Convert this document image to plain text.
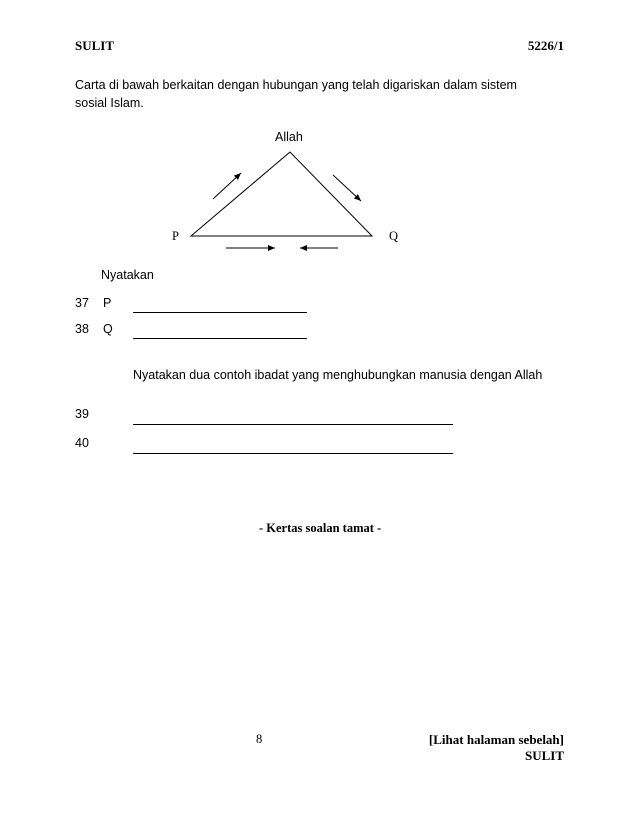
SULIT	5226/1
Carta di bawah berkaitan dengan hubungan yang telah digariskan dalam sistem sosial Islam.
Allah
P	Q
Nyatakan
37 P
38 Q
Nyatakan dua contoh ibadat yang menghubungkan manusia dengan Allah
39
40
- Kertas soalan tamat -
8	[Lihat halaman sebelah]
SULIT
